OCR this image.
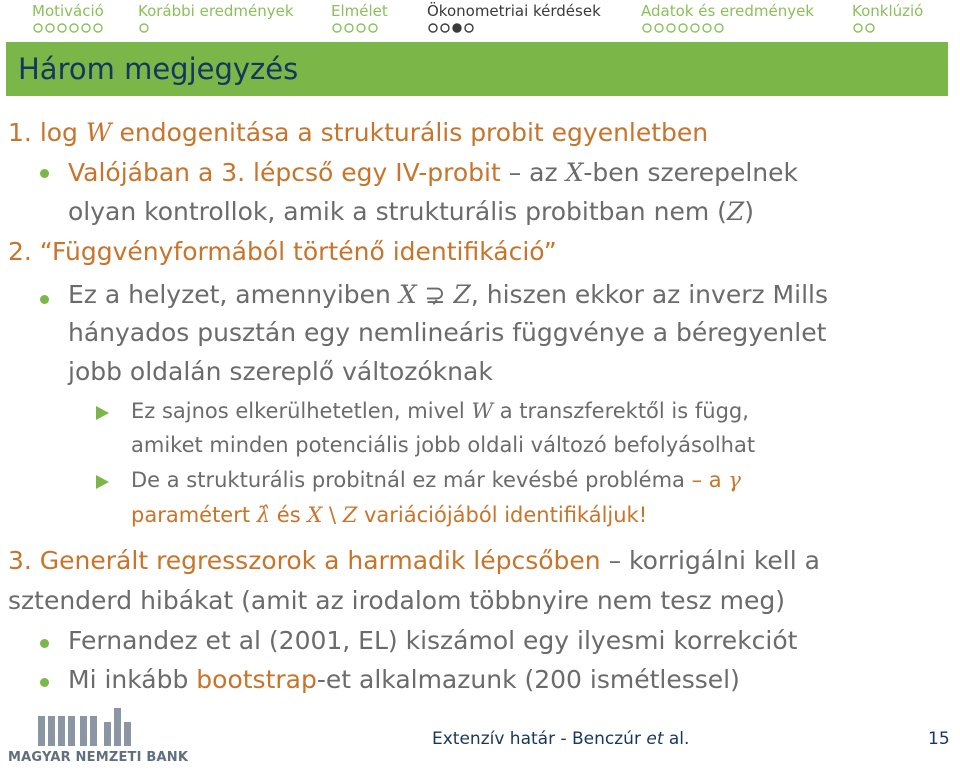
Motiváció Korábbi eredmények Elmélet	Ökonometriai kérdések	Adatok és eredmények	Konklúzió
Három megjegyzés
1. log W endogenitása a strukturális probit egyenletben
Valójában a 3. lépcső egy IV-probit – az X-ben szerepelnek
olyan kontrollok, amik a strukturális probitban nem (Z)
2. “Függvényformából történő identifikáció”
Ez a helyzet, amennyiben X ⊋ Z, hiszen ekkor az inverz Mills
hányados pusztán egy nemlineáris függvénye a béregyenlet
jobb oldalán szereplő változóknak
Ez sajnos elkerülhetetlen, mivel W a transzferektől is függ,
amiket minden potenciális jobb oldali változó befolyásolhat
De a strukturális probitnál ez már kevésbé probléma – a γ
paramétert λ̂ és X \ Z variációjából identifikáljuk!
3. Generált regresszorok a harmadik lépcsőben – korrigálni kell a
sztenderd hibákat (amit az irodalom többnyire nem tesz meg)
Fernandez et al (2001, EL) kiszámol egy ilyesmi korrekciót
Mi inkább bootstrap-et alkalmazunk (200 ismétlessel)
MAGYAR NEMZETI BANK
Extenzív határ - Benczúr et al.	15
